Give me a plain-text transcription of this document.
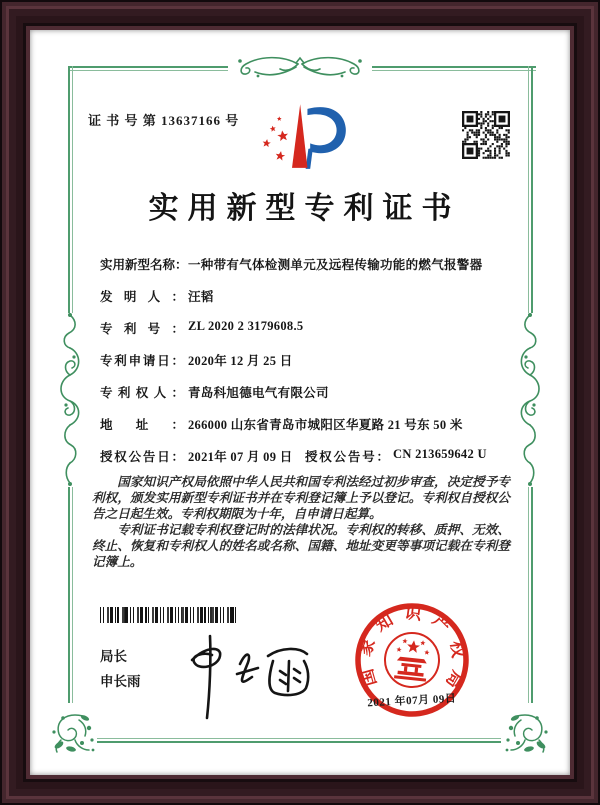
证 书 号 第 13637166 号
实用新型专利证书
实用新型名称：一种带有气体检测单元及远程传输功能的燃气报警器
发明人： 汪韬
专利号： ZL 2020 2 3179608.5
专利申请日： 2020年 12 月 25 日
专利权人： 青岛科旭德电气有限公司
地址： 266000 山东省青岛市城阳区华夏路 21 号东 50 米
授权公告日： 2021年 07 月 09 日 授权公告号： CN 213659642 U

国家知识产权局依照中华人民共和国专利法经过初步审查，决定授予专利权，颁发实用新型专利证书并在专利登记簿上予以登记。专利权自授权公告之日起生效。专利权期限为十年，自申请日起算。

专利证书记载专利权登记时的法律状况。专利权的转移、质押、无效、终止、恢复和专利权人的姓名或名称、国籍、地址变更等事项记载在专利登记簿上。

局长
申长雨	国家知识产权局
2021 年07月 09日
